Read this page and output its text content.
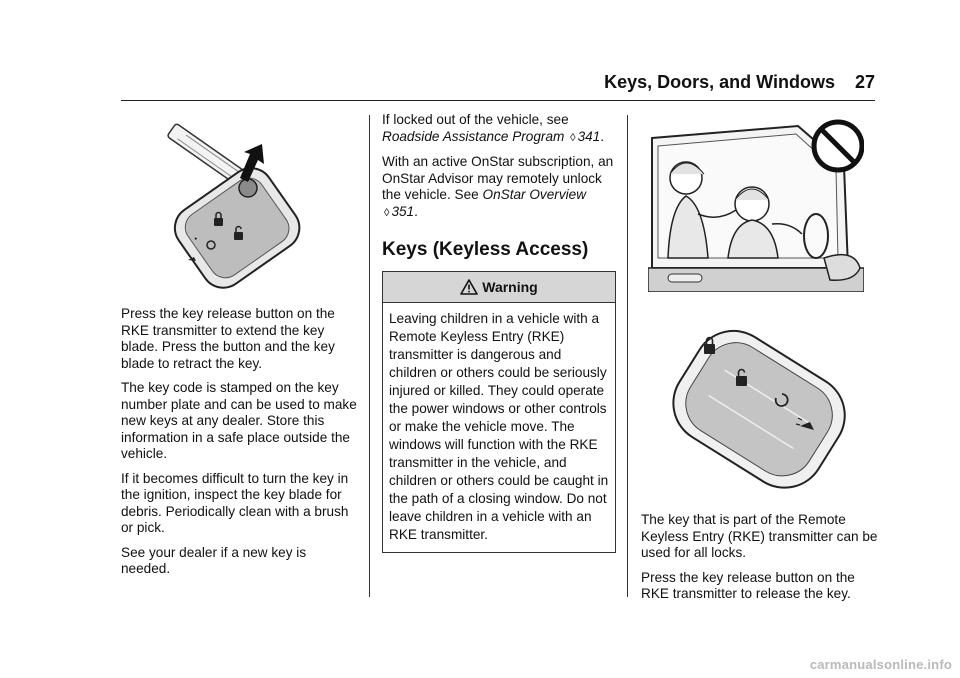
Keys, Doors, and Windows 27

Press the key release button on the RKE transmitter to extend the key blade. Press the button and the key blade to retract the key.

The key code is stamped on the key number plate and can be used to make new keys at any dealer. Store this information in a safe place outside the vehicle.

If it becomes difficult to turn the key in the ignition, inspect the key blade for debris. Periodically clean with a brush or pick.

See your dealer if a new key is needed.

If locked out of the vehicle, see Roadside Assistance Program ◊ 341.

With an active OnStar subscription, an OnStar Advisor may remotely unlock the vehicle. See OnStar Overview ◊ 351.

Keys (Keyless Access)

Warning
Leaving children in a vehicle with a Remote Keyless Entry (RKE) transmitter is dangerous and children or others could be seriously injured or killed. They could operate the power windows or other controls or make the vehicle move. The windows will function with the RKE transmitter in the vehicle, and children or others could be caught in the path of a closing window. Do not leave children in a vehicle with an RKE transmitter.

The key that is part of the Remote Keyless Entry (RKE) transmitter can be used for all locks.

Press the key release button on the RKE transmitter to release the key.

carmanualsonline.info
